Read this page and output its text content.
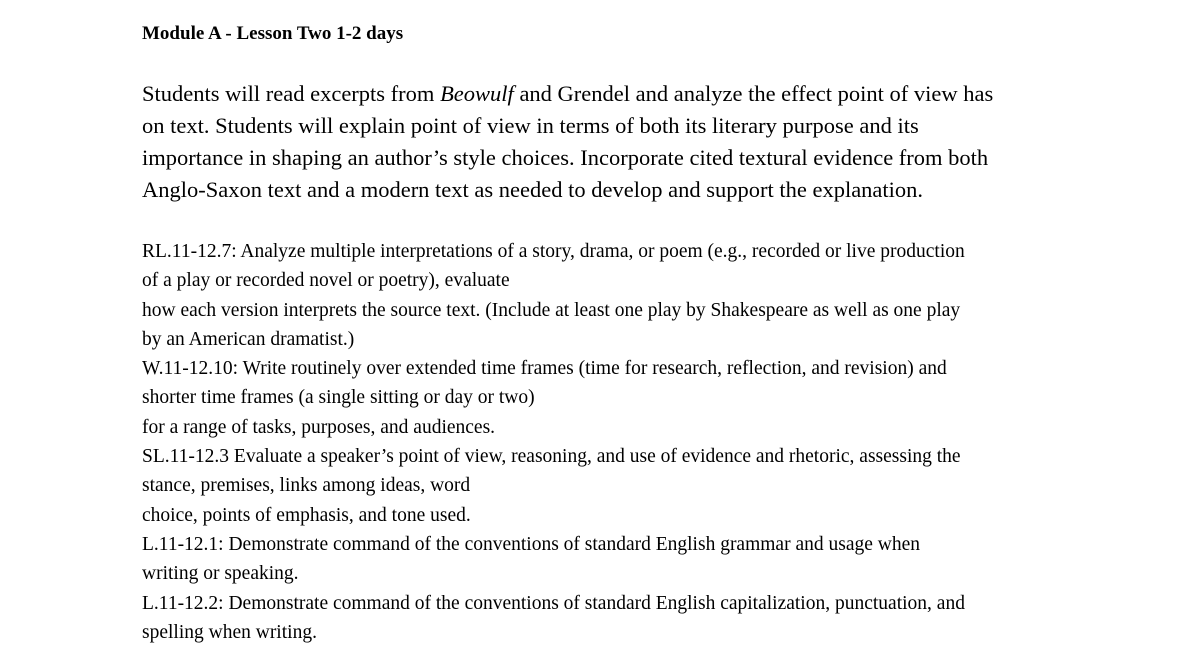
Module A - Lesson Two 1-2 days
Students will read excerpts from Beowulf and Grendel and analyze the effect point of view has
on text. Students will explain point of view in terms of both its literary purpose and its
importance in shaping an author’s style choices. Incorporate cited textural evidence from both
Anglo-Saxon text and a modern text as needed to develop and support the explanation.
RL.11-12.7: Analyze multiple interpretations of a story, drama, or poem (e.g., recorded or live production
of a play or recorded novel or poetry), evaluate
how each version interprets the source text. (Include at least one play by Shakespeare as well as one play
by an American dramatist.)
W.11-12.10: Write routinely over extended time frames (time for research, reflection, and revision) and
shorter time frames (a single sitting or day or two)
for a range of tasks, purposes, and audiences.
SL.11-12.3 Evaluate a speaker’s point of view, reasoning, and use of evidence and rhetoric, assessing the
stance, premises, links among ideas, word
choice, points of emphasis, and tone used.
L.11-12.1: Demonstrate command of the conventions of standard English grammar and usage when
writing or speaking.
L.11-12.2: Demonstrate command of the conventions of standard English capitalization, punctuation, and
spelling when writing.
